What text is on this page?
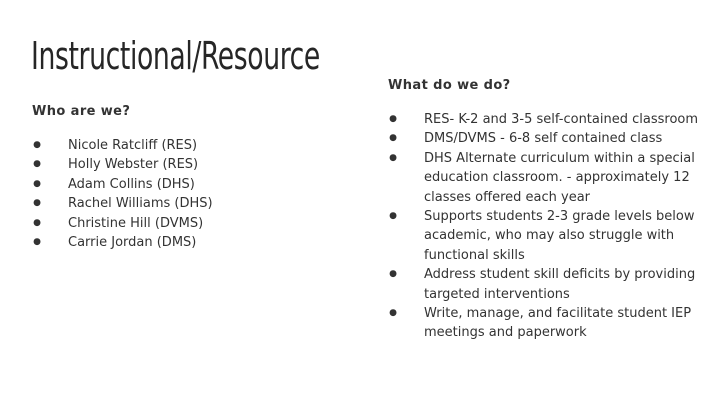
Instructional/Resource

Who are we?

● Nicole Ratcliff (RES)
● Holly Webster (RES)
● Adam Collins (DHS)
● Rachel Williams (DHS)
● Christine Hill (DVMS)
● Carrie Jordan (DMS)

What do we do?

● RES- K-2 and 3-5 self-contained classroom
● DMS/DVMS - 6-8 self contained class
● DHS Alternate curriculum within a special education classroom. - approximately 12 classes offered each year
● Supports students 2-3 grade levels below academic, who may also struggle with functional skills
● Address student skill deficits by providing targeted interventions
● Write, manage, and facilitate student IEP meetings and paperwork
